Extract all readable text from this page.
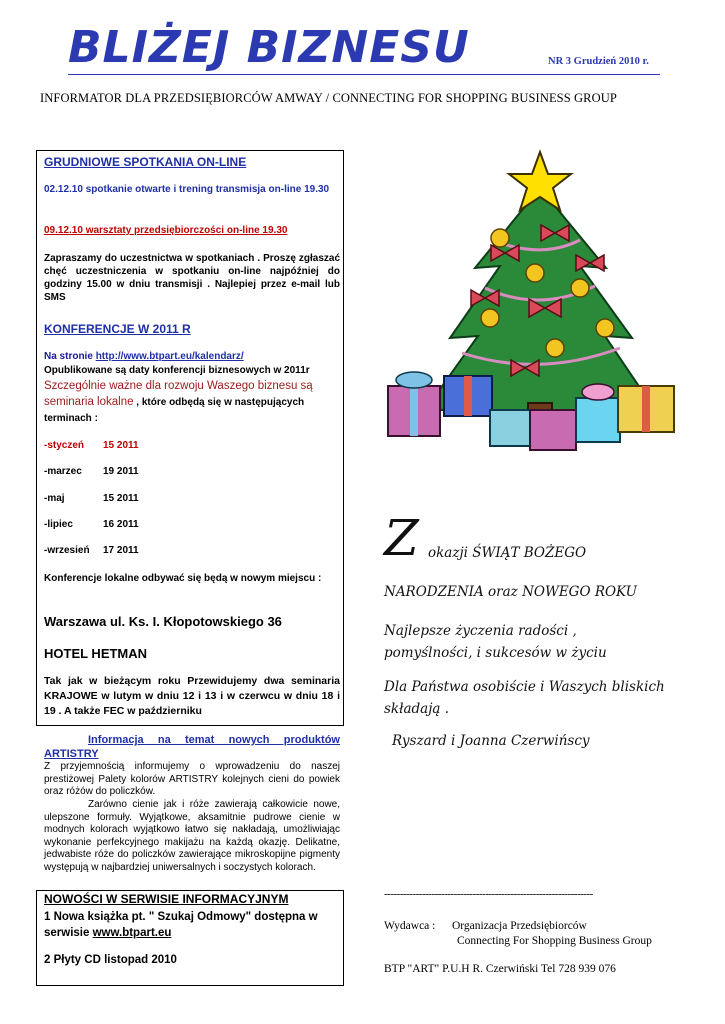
BLIŻEJ BIZNESU	NR 3 Grudzień 2010 r.
INFORMATOR DLA PRZEDSIĘBIORCÓW AMWAY / CONNECTING FOR SHOPPING BUSINESS GROUP
GRUDNIOWE SPOTKANIA ON-LINE
02.12.10 spotkanie otwarte i trening transmisja on-line 19.30
09.12.10 warsztaty przedsiębiorczości on-line 19.30
Zapraszamy do uczestnictwa w spotkaniach . Proszę zgłaszać chęć uczestniczenia w spotkaniu on-line najpóźniej do godziny 15.00 w dniu transmisji . Najlepiej przez e-mail lub SMS
KONFERENCJE W 2011 R
Na stronie http://www.btpart.eu/kalendarz/
Opublikowane są daty konferencji biznesowych w 2011r
Szczególnie ważne dla rozwoju Waszego biznesu są seminaria lokalne , które odbędą się w następujących terminach :
-styczeń 15 2011
-marzec 19 2011
-maj	15 2011
-lipiec	16 2011
-wrzesień 17 2011
Konferencje lokalne odbywać się będą w nowym miejscu :
Warszawa ul. Ks. I. Kłopotowskiego 36
HOTEL HETMAN
Tak jak w bieżącym roku Przewidujemy dwa seminaria KRAJOWE w lutym w dniu 12 i 13 i w czerwcu w dniu 18 i 19 . A także FEC w październiku
Informacja na temat nowych produktów ARTISTRY
Z przyjemnością informujemy o wprowadzeniu do naszej prestiżowej Palety kolorów ARTISTRY kolejnych cieni do powiek oraz różów do policzków.
Zarówno cienie jak i róże zawierają całkowicie nowe, ulepszone formuły. Wyjątkowe, aksamitnie pudrowe cienie w modnych kolorach wyjątkowo łatwo się nakładają, umożliwiając wykonanie perfekcyjnego makijażu na każdą okazję. Delikatne, jedwabiste róże do policzków zawierające mikroskopijne pigmenty występują w najbardziej uniwersalnych i soczystych kolorach.
NOWOŚCI W SERWISIE INFORMACYJNYM
1 Nowa książka pt. " Szukaj Odmowy" dostępna w serwisie www.btpart.eu
2 Płyty CD listopad 2010
Z okazji ŚWIĄT BOŻEGO
NARODZENIA oraz NOWEGO ROKU
Najlepsze życzenia radości , pomyślności, i sukcesów w życiu
Dla Państwa osobiście i Waszych bliskich składają .
Ryszard i Joanna Czerwińscy
------------------------------------------------------------------
Wydawca : Organizacja Przedsiębiorców
Connecting For Shopping Business Group
BTP "ART" P.U.H R. Czerwiński Tel 728 939 076
